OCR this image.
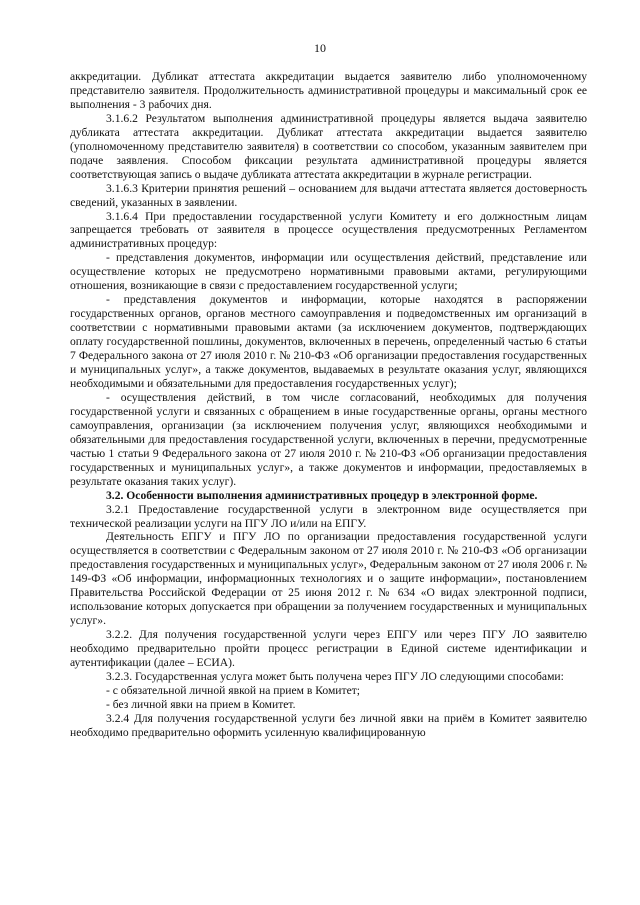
10

аккредитации. Дубликат аттестата аккредитации выдается заявителю либо уполномоченному представителю заявителя. Продолжительность административной процедуры и максимальный срок ее выполнения - 3 рабочих дня.

3.1.6.2 Результатом выполнения административной процедуры является выдача заявителю дубликата аттестата аккредитации. Дубликат аттестата аккредитации выдается заявителю (уполномоченному представителю заявителя) в соответствии со способом, указанным заявителем при подаче заявления. Способом фиксации результата административной процедуры является соответствующая запись о выдаче дубликата аттестата аккредитации в журнале регистрации.

3.1.6.3 Критерии принятия решений – основанием для выдачи аттестата является достоверность сведений, указанных в заявлении.

3.1.6.4 При предоставлении государственной услуги Комитету и его должностным лицам запрещается требовать от заявителя в процессе осуществления предусмотренных Регламентом административных процедур:

- представления документов, информации или осуществления действий, представление или осуществление которых не предусмотрено нормативными правовыми актами, регулирующими отношения, возникающие в связи с предоставлением государственной услуги;

- представления документов и информации, которые находятся в распоряжении государственных органов, органов местного самоуправления и подведомственных им организаций в соответствии с нормативными правовыми актами (за исключением документов, подтверждающих оплату государственной пошлины, документов, включенных в перечень, определенный частью 6 статьи 7 Федерального закона от 27 июля 2010 г. № 210-ФЗ «Об организации предоставления государственных и муниципальных услуг», а также документов, выдаваемых в результате оказания услуг, являющихся необходимыми и обязательными для предоставления государственных услуг);

- осуществления действий, в том числе согласований, необходимых для получения государственной услуги и связанных с обращением в иные государственные органы, органы местного самоуправления, организации (за исключением получения услуг, являющихся необходимыми и обязательными для предоставления государственной услуги, включенных в перечни, предусмотренные частью 1 статьи 9 Федерального закона от 27 июля 2010 г. № 210-ФЗ «Об организации предоставления государственных и муниципальных услуг», а также документов и информации, предоставляемых в результате оказания таких услуг).

3.2. Особенности выполнения административных процедур в электронной форме.

3.2.1 Предоставление государственной услуги в электронном виде осуществляется при технической реализации услуги на ПГУ ЛО и/или на ЕПГУ.

Деятельность ЕПГУ и ПГУ ЛО по организации предоставления государственной услуги осуществляется в соответствии с Федеральным законом от 27 июля 2010 г. № 210-ФЗ «Об организации предоставления государственных и муниципальных услуг», Федеральным законом от 27 июля 2006 г. № 149-ФЗ «Об информации, информационных технологиях и о защите информации», постановлением Правительства Российской Федерации от 25 июня 2012 г. № 634 «О видах электронной подписи, использование которых допускается при обращении за получением государственных и муниципальных услуг».

3.2.2. Для получения государственной услуги через ЕПГУ или через ПГУ ЛО заявителю необходимо предварительно пройти процесс регистрации в Единой системе идентификации и аутентификации (далее – ЕСИА).

3.2.3. Государственная услуга может быть получена через ПГУ ЛО следующими способами:

- с обязательной личной явкой на прием в Комитет;

- без личной явки на прием в Комитет.

3.2.4 Для получения государственной услуги без личной явки на приём в Комитет заявителю необходимо предварительно оформить усиленную квалифицированную
